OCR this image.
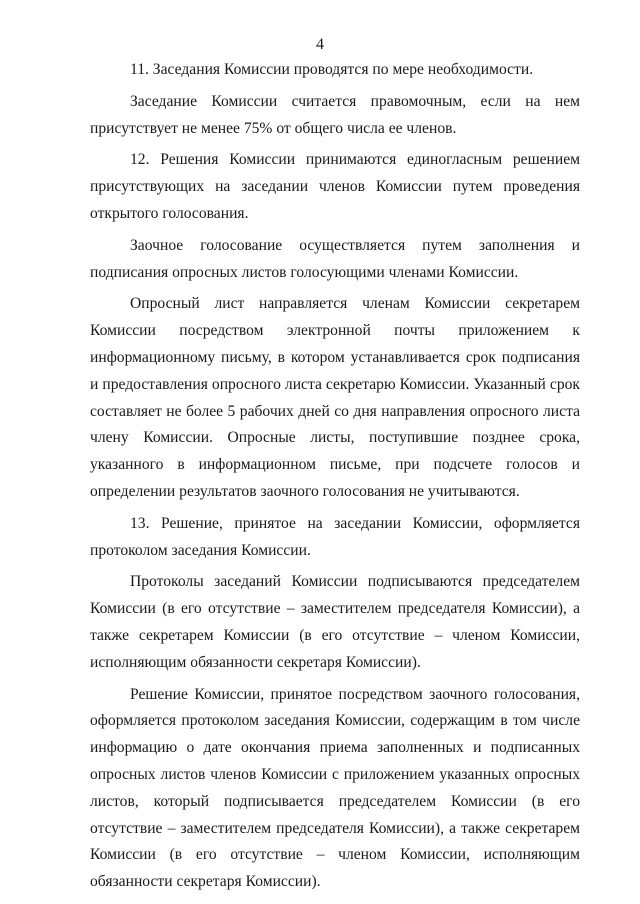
4

11. Заседания Комиссии проводятся по мере необходимости.

Заседание Комиссии считается правомочным, если на нем присутствует не менее 75% от общего числа ее членов.

12. Решения Комиссии принимаются единогласным решением присутствующих на заседании членов Комиссии путем проведения открытого голосования.

Заочное голосование осуществляется путем заполнения и подписания опросных листов голосующими членами Комиссии.

Опросный лист направляется членам Комиссии секретарем Комиссии посредством электронной почты приложением к информационному письму, в котором устанавливается срок подписания и предоставления опросного листа секретарю Комиссии. Указанный срок составляет не более 5 рабочих дней со дня направления опросного листа члену Комиссии. Опросные листы, поступившие позднее срока, указанного в информационном письме, при подсчете голосов и определении результатов заочного голосования не учитываются.

13. Решение, принятое на заседании Комиссии, оформляется протоколом заседания Комиссии.

Протоколы заседаний Комиссии подписываются председателем Комиссии (в его отсутствие – заместителем председателя Комиссии), а также секретарем Комиссии (в его отсутствие – членом Комиссии, исполняющим обязанности секретаря Комиссии).

Решение Комиссии, принятое посредством заочного голосования, оформляется протоколом заседания Комиссии, содержащим в том числе информацию о дате окончания приема заполненных и подписанных опросных листов членов Комиссии с приложением указанных опросных листов, который подписывается председателем Комиссии (в его отсутствие – заместителем председателя Комиссии), а также секретарем Комиссии (в его отсутствие – членом Комиссии, исполняющим обязанности секретаря Комиссии).
